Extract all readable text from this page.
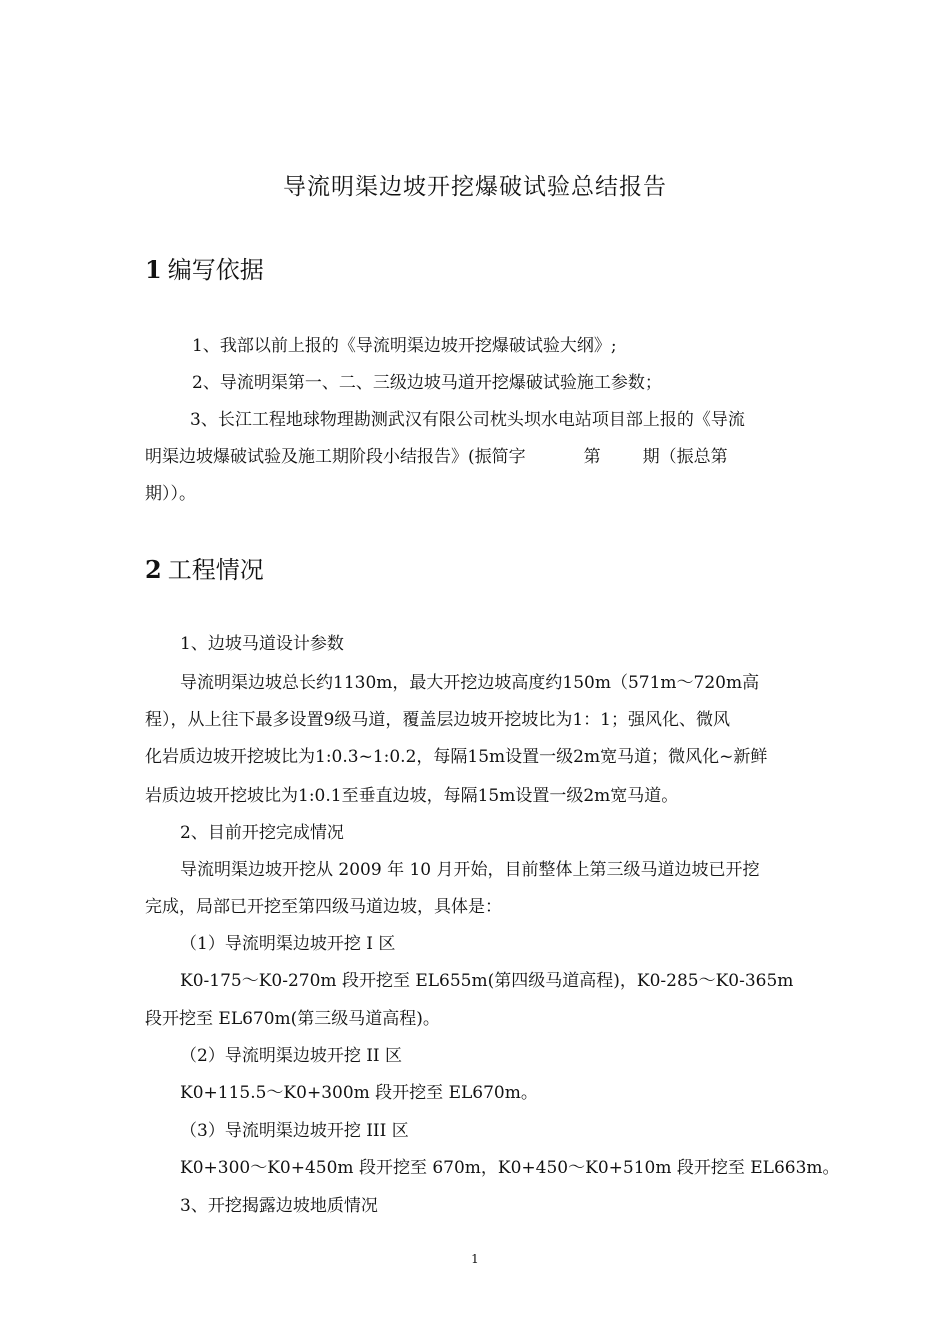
导流明渠边坡开挖爆破试验总结报告
1 编写依据
1、我部以前上报的《导流明渠边坡开挖爆破试验大纲》;
2、导流明渠第一、二、三级边坡马道开挖爆破试验施工参数；
3、长江工程地球物理勘测武汉有限公司枕头坝水电站项目部上报的《导流
明渠边坡爆破试验及施工期阶段小结报告》(振简字	第 期（振总第
期））。
2 工程情况
1、边坡马道设计参数
导流明渠边坡总长约1130m，最大开挖边坡高度约150m（571m～720m高
程），从上往下最多设置9级马道，覆盖层边坡开挖坡比为1：1；强风化、微风
化岩质边坡开挖坡比为1:0.3~1:0.2，每隔15m设置一级2m宽马道；微风化~新鲜
岩质边坡开挖坡比为1:0.1至垂直边坡，每隔15m设置一级2m宽马道。
2、目前开挖完成情况
导流明渠边坡开挖从 2009 年 10 月开始，目前整体上第三级马道边坡已开挖
完成，局部已开挖至第四级马道边坡，具体是：
（1）导流明渠边坡开挖 I 区
K0-175～K0-270m 段开挖至 EL655m(第四级马道高程)，K0-285～K0-365m
段开挖至 EL670m(第三级马道高程)。
（2）导流明渠边坡开挖 II 区
K0+115.5～K0+300m 段开挖至 EL670m。
（3）导流明渠边坡开挖 III 区
K0+300～K0+450m 段开挖至 670m，K0+450～K0+510m 段开挖至 EL663m。
3、开挖揭露边坡地质情况
1
